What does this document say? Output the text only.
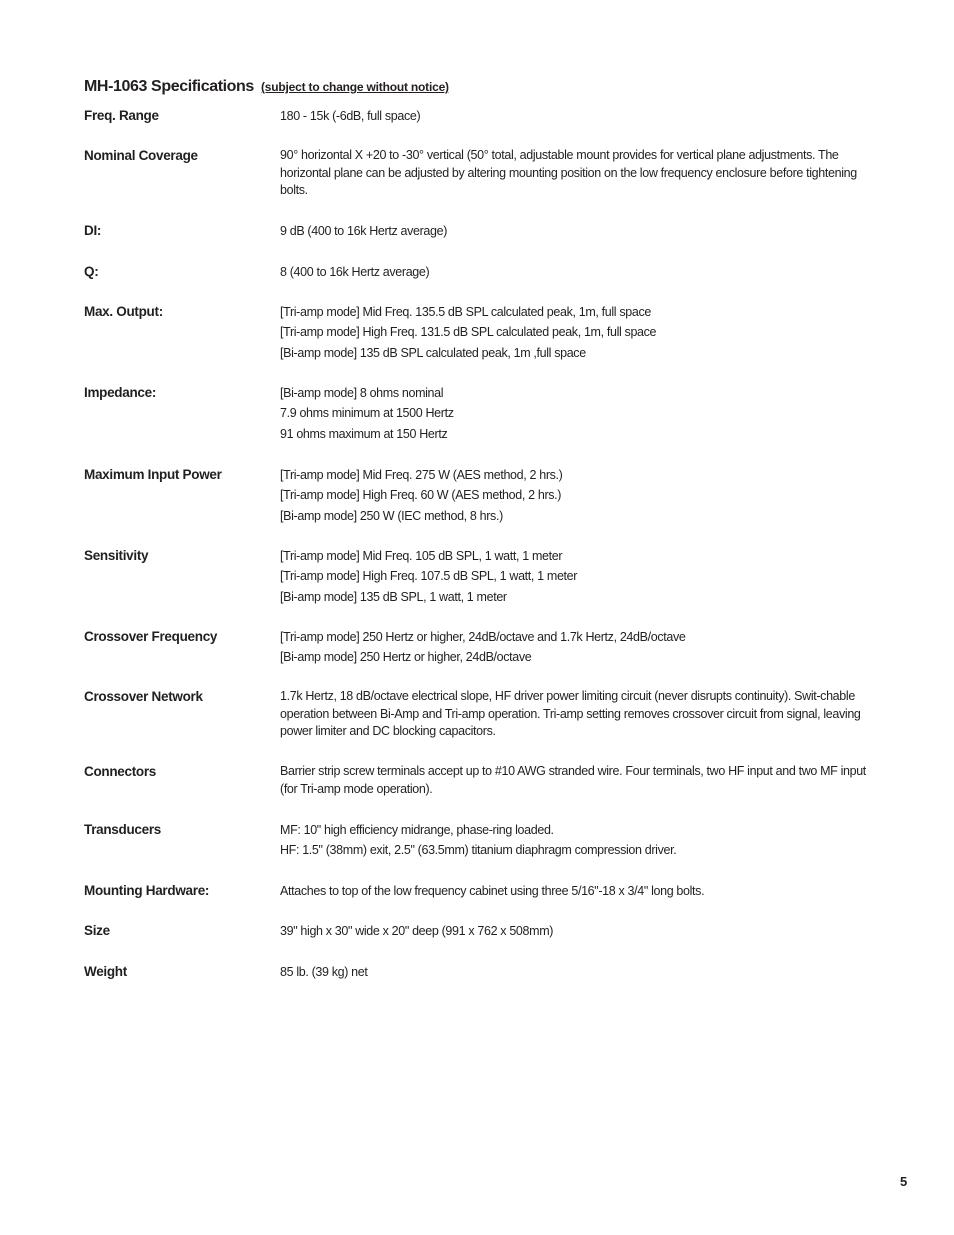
MH-1063 Specifications (subject to change without notice)
Freq. Range	180 - 15k (-6dB, full space)
Nominal Coverage	90° horizontal X +20 to -30° vertical (50° total, adjustable mount provides for vertical plane adjustments. The horizontal plane can be adjusted by altering mounting position on the low frequency enclosure before tightening bolts.
DI:	9 dB (400 to 16k Hertz average)
Q:	8 (400 to 16k Hertz average)
Max. Output:	[Tri-amp mode] Mid Freq. 135.5 dB SPL calculated peak, 1m, full space
[Tri-amp mode] High Freq. 131.5 dB SPL calculated peak, 1m, full space
[Bi-amp mode] 135 dB SPL calculated peak, 1m ,full space
Impedance:	[Bi-amp mode] 8 ohms nominal
7.9 ohms minimum at 1500 Hertz
91 ohms maximum at 150 Hertz
Maximum Input Power	[Tri-amp mode] Mid Freq. 275 W (AES method, 2 hrs.)
[Tri-amp mode] High Freq. 60 W (AES method, 2 hrs.)
[Bi-amp mode] 250 W (IEC method, 8 hrs.)
Sensitivity	[Tri-amp mode] Mid Freq. 105 dB SPL, 1 watt, 1 meter
[Tri-amp mode] High Freq. 107.5 dB SPL, 1 watt, 1 meter
[Bi-amp mode] 135 dB SPL, 1 watt, 1 meter
Crossover Frequency	[Tri-amp mode] 250 Hertz or higher, 24dB/octave and 1.7k Hertz, 24dB/octave
[Bi-amp mode] 250 Hertz or higher, 24dB/octave
Crossover Network	1.7k Hertz, 18 dB/octave electrical slope, HF driver power limiting circuit (never disrupts continuity). Swit-chable operation between Bi-Amp and Tri-amp operation. Tri-amp setting removes crossover circuit from signal, leaving power limiter and DC blocking capacitors.
Connectors	Barrier strip screw terminals accept up to #10 AWG stranded wire. Four terminals, two HF input and two MF input (for Tri-amp mode operation).
Transducers	MF: 10" high efficiency midrange, phase-ring loaded.
HF: 1.5" (38mm) exit, 2.5" (63.5mm) titanium diaphragm compression driver.
Mounting Hardware:	Attaches to top of the low frequency cabinet using three 5/16"-18 x 3/4" long bolts.
Size	39" high x 30" wide x 20" deep (991 x 762 x 508mm)
Weight	85 lb. (39 kg) net
5
